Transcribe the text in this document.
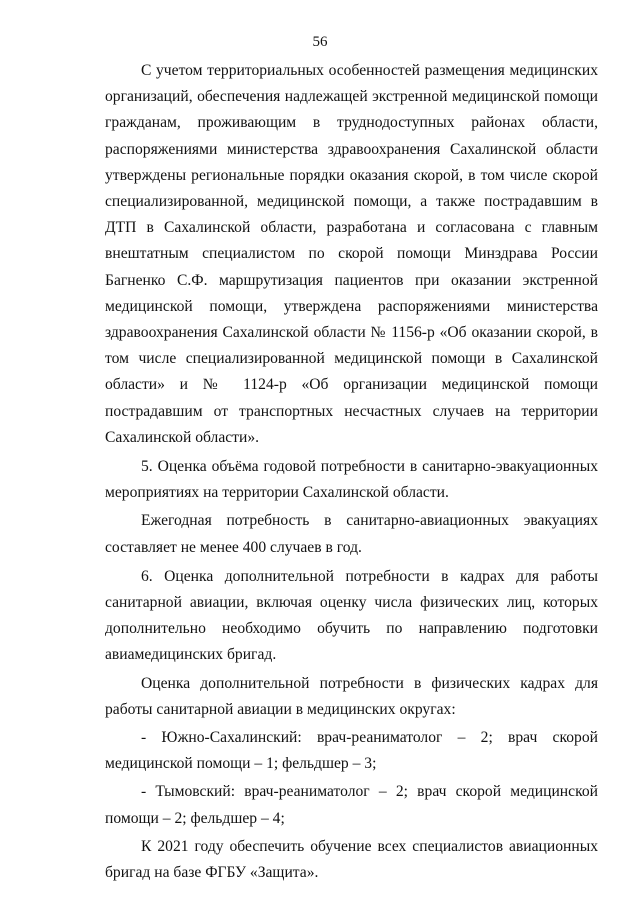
56

С учетом территориальных особенностей размещения медицинских организаций, обеспечения надлежащей экстренной медицинской помощи гражданам, проживающим в труднодоступных районах области, распоряжениями министерства здравоохранения Сахалинской области утверждены региональные порядки оказания скорой, в том числе скорой специализированной, медицинской помощи, а также пострадавшим в ДТП в Сахалинской области, разработана и согласована с главным внештатным специалистом по скорой помощи Минздрава России Багненко С.Ф. маршрутизация пациентов при оказании экстренной медицинской помощи, утверждена распоряжениями министерства здравоохранения Сахалинской области № 1156-р «Об оказании скорой, в том числе специализированной медицинской помощи в Сахалинской области» и № 1124-р «Об организации медицинской помощи пострадавшим от транспортных несчастных случаев на территории Сахалинской области».

5. Оценка объёма годовой потребности в санитарно-эвакуационных мероприятиях на территории Сахалинской области.

Ежегодная потребность в санитарно-авиационных эвакуациях составляет не менее 400 случаев в год.

6. Оценка дополнительной потребности в кадрах для работы санитарной авиации, включая оценку числа физических лиц, которых дополнительно необходимо обучить по направлению подготовки авиамедицинских бригад.

Оценка дополнительной потребности в физических кадрах для работы санитарной авиации в медицинских округах:

- Южно-Сахалинский: врач-реаниматолог – 2; врач скорой медицинской помощи – 1; фельдшер – 3;

- Тымовский: врач-реаниматолог – 2; врач скорой медицинской помощи – 2; фельдшер – 4;

К 2021 году обеспечить обучение всех специалистов авиационных бригад на базе ФГБУ «Защита».
